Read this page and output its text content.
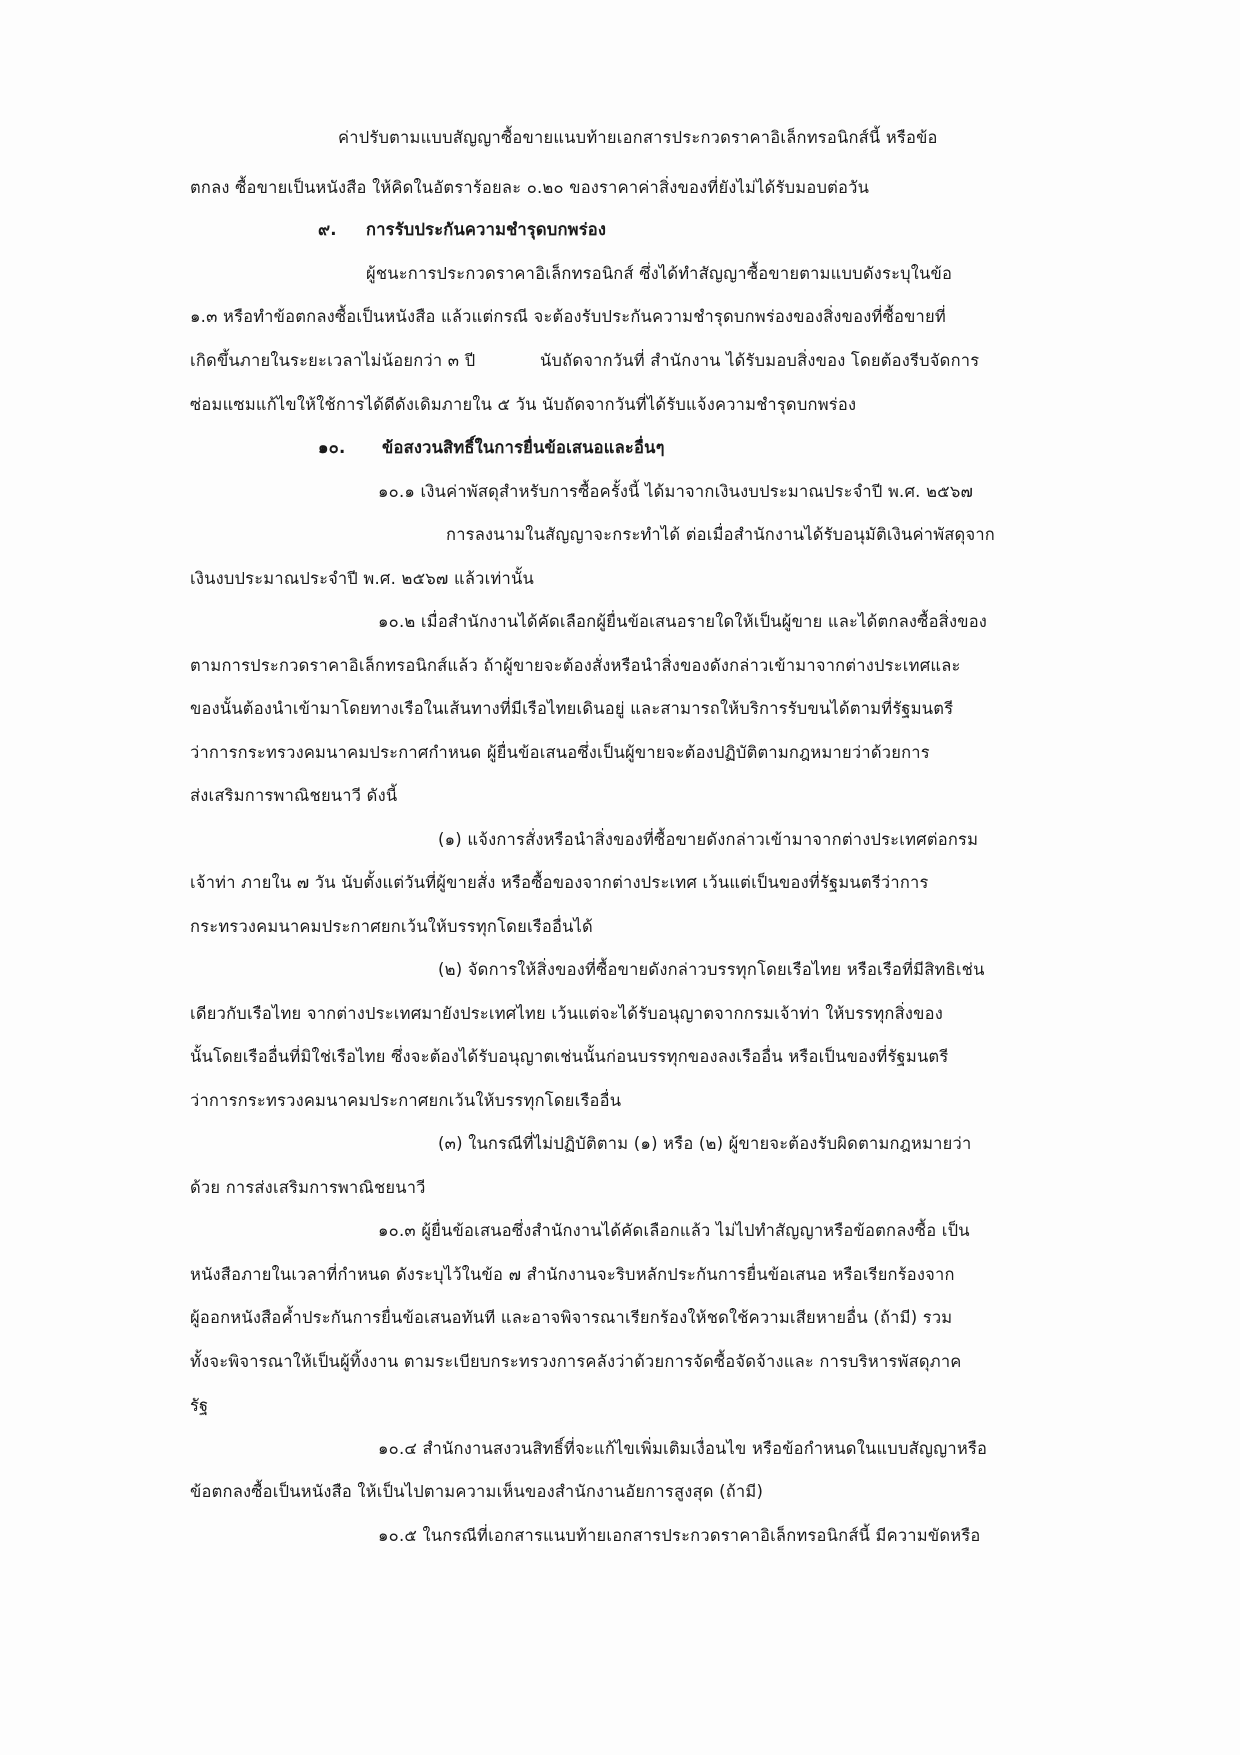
ค่าปรับตามแบบสัญญาซื้อขายแนบท้ายเอกสารประกวดราคาอิเล็กทรอนิกส์นี้ หรือข้อ
ตกลง ซื้อขายเป็นหนังสือ ให้คิดในอัตราร้อยละ ๐.๒๐ ของราคาค่าสิ่งของที่ยังไม่ได้รับมอบต่อวัน
๙. การรับประกันความชำรุดบกพร่อง
ผู้ชนะการประกวดราคาอิเล็กทรอนิกส์ ซึ่งได้ทำสัญญาซื้อขายตามแบบดังระบุในข้อ
๑.๓ หรือทำข้อตกลงซื้อเป็นหนังสือ แล้วแต่กรณี จะต้องรับประกันความชำรุดบกพร่องของสิ่งของที่ซื้อขายที่
เกิดขึ้นภายในระยะเวลาไม่น้อยกว่า ๓ ปี	นับถัดจากวันที่ สำนักงาน ได้รับมอบสิ่งของ โดยต้องรีบจัดการ
ซ่อมแซมแก้ไขให้ใช้การได้ดีดังเดิมภายใน ๕ วัน นับถัดจากวันที่ได้รับแจ้งความชำรุดบกพร่อง
๑๐. ข้อสงวนสิทธิ์ในการยื่นข้อเสนอและอื่นๆ
๑๐.๑ เงินค่าพัสดุสำหรับการซื้อครั้งนี้ ได้มาจากเงินงบประมาณประจำปี พ.ศ. ๒๕๖๗
การลงนามในสัญญาจะกระทำได้ ต่อเมื่อสำนักงานได้รับอนุมัติเงินค่าพัสดุจาก
เงินงบประมาณประจำปี พ.ศ. ๒๕๖๗ แล้วเท่านั้น
๑๐.๒ เมื่อสำนักงานได้คัดเลือกผู้ยื่นข้อเสนอรายใดให้เป็นผู้ขาย และได้ตกลงซื้อสิ่งของ
ตามการประกวดราคาอิเล็กทรอนิกส์แล้ว ถ้าผู้ขายจะต้องสั่งหรือนำสิ่งของดังกล่าวเข้ามาจากต่างประเทศและ
ของนั้นต้องนำเข้ามาโดยทางเรือในเส้นทางที่มีเรือไทยเดินอยู่ และสามารถให้บริการรับขนได้ตามที่รัฐมนตรี
ว่าการกระทรวงคมนาคมประกาศกำหนด ผู้ยื่นข้อเสนอซึ่งเป็นผู้ขายจะต้องปฏิบัติตามกฎหมายว่าด้วยการ
ส่งเสริมการพาณิชยนาวี ดังนี้
(๑) แจ้งการสั่งหรือนำสิ่งของที่ซื้อขายดังกล่าวเข้ามาจากต่างประเทศต่อกรม
เจ้าท่า ภายใน ๗ วัน นับตั้งแต่วันที่ผู้ขายสั่ง หรือซื้อของจากต่างประเทศ เว้นแต่เป็นของที่รัฐมนตรีว่าการ
กระทรวงคมนาคมประกาศยกเว้นให้บรรทุกโดยเรืออื่นได้
(๒) จัดการให้สิ่งของที่ซื้อขายดังกล่าวบรรทุกโดยเรือไทย หรือเรือที่มีสิทธิเช่น
เดียวกับเรือไทย จากต่างประเทศมายังประเทศไทย เว้นแต่จะได้รับอนุญาตจากกรมเจ้าท่า ให้บรรทุกสิ่งของ
นั้นโดยเรืออื่นที่มิใช่เรือไทย ซึ่งจะต้องได้รับอนุญาตเช่นนั้นก่อนบรรทุกของลงเรืออื่น หรือเป็นของที่รัฐมนตรี
ว่าการกระทรวงคมนาคมประกาศยกเว้นให้บรรทุกโดยเรืออื่น
(๓) ในกรณีที่ไม่ปฏิบัติตาม (๑) หรือ (๒) ผู้ขายจะต้องรับผิดตามกฎหมายว่า
ด้วย การส่งเสริมการพาณิชยนาวี
๑๐.๓ ผู้ยื่นข้อเสนอซึ่งสำนักงานได้คัดเลือกแล้ว ไม่ไปทำสัญญาหรือข้อตกลงซื้อ เป็น
หนังสือภายในเวลาที่กำหนด ดังระบุไว้ในข้อ ๗ สำนักงานจะริบหลักประกันการยื่นข้อเสนอ หรือเรียกร้องจาก
ผู้ออกหนังสือค้ำประกันการยื่นข้อเสนอทันที และอาจพิจารณาเรียกร้องให้ชดใช้ความเสียหายอื่น (ถ้ามี) รวม
ทั้งจะพิจารณาให้เป็นผู้ทิ้งงาน ตามระเบียบกระทรวงการคลังว่าด้วยการจัดซื้อจัดจ้างและ การบริหารพัสดุภาค
รัฐ
๑๐.๔ สำนักงานสงวนสิทธิ์ที่จะแก้ไขเพิ่มเติมเงื่อนไข หรือข้อกำหนดในแบบสัญญาหรือ
ข้อตกลงซื้อเป็นหนังสือ ให้เป็นไปตามความเห็นของสำนักงานอัยการสูงสุด (ถ้ามี)
๑๐.๕ ในกรณีที่เอกสารแนบท้ายเอกสารประกวดราคาอิเล็กทรอนิกส์นี้ มีความขัดหรือ
